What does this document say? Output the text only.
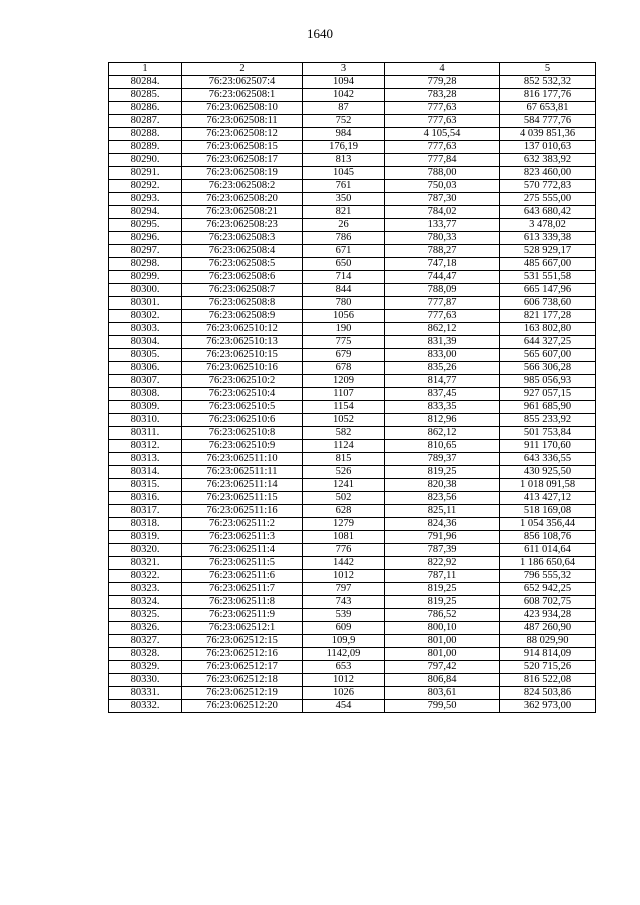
1640
1	2	3	4	5
80284.	76:23:062507:4	1094	779,28	852 532,32
80285.	76:23:062508:1	1042	783,28	816 177,76
80286.	76:23:062508:10	87	777,63	67 653,81
80287.	76:23:062508:11	752	777,63	584 777,76
80288.	76:23:062508:12	984	4 105,54	4 039 851,36
80289.	76:23:062508:15	176,19	777,63	137 010,63
80290.	76:23:062508:17	813	777,84	632 383,92
80291.	76:23:062508:19	1045	788,00	823 460,00
80292.	76:23:062508:2	761	750,03	570 772,83
80293.	76:23:062508:20	350	787,30	275 555,00
80294.	76:23:062508:21	821	784,02	643 680,42
80295.	76:23:062508:23	26	133,77	3 478,02
80296.	76:23:062508:3	786	780,33	613 339,38
80297.	76:23:062508:4	671	788,27	528 929,17
80298.	76:23:062508:5	650	747,18	485 667,00
80299.	76:23:062508:6	714	744,47	531 551,58
80300.	76:23:062508:7	844	788,09	665 147,96
80301.	76:23:062508:8	780	777,87	606 738,60
80302.	76:23:062508:9	1056	777,63	821 177,28
80303.	76:23:062510:12	190	862,12	163 802,80
80304.	76:23:062510:13	775	831,39	644 327,25
80305.	76:23:062510:15	679	833,00	565 607,00
80306.	76:23:062510:16	678	835,26	566 306,28
80307.	76:23:062510:2	1209	814,77	985 056,93
80308.	76:23:062510:4	1107	837,45	927 057,15
80309.	76:23:062510:5	1154	833,35	961 685,90
80310.	76:23:062510:6	1052	812,96	855 233,92
80311.	76:23:062510:8	582	862,12	501 753,84
80312.	76:23:062510:9	1124	810,65	911 170,60
80313.	76:23:062511:10	815	789,37	643 336,55
80314.	76:23:062511:11	526	819,25	430 925,50
80315.	76:23:062511:14	1241	820,38	1 018 091,58
80316.	76:23:062511:15	502	823,56	413 427,12
80317.	76:23:062511:16	628	825,11	518 169,08
80318.	76:23:062511:2	1279	824,36	1 054 356,44
80319.	76:23:062511:3	1081	791,96	856 108,76
80320.	76:23:062511:4	776	787,39	611 014,64
80321.	76:23:062511:5	1442	822,92	1 186 650,64
80322.	76:23:062511:6	1012	787,11	796 555,32
80323.	76:23:062511:7	797	819,25	652 942,25
80324.	76:23:062511:8	743	819,25	608 702,75
80325.	76:23:062511:9	539	786,52	423 934,28
80326.	76:23:062512:1	609	800,10	487 260,90
80327.	76:23:062512:15	109,9	801,00	88 029,90
80328.	76:23:062512:16	1142,09	801,00	914 814,09
80329.	76:23:062512:17	653	797,42	520 715,26
80330.	76:23:062512:18	1012	806,84	816 522,08
80331.	76:23:062512:19	1026	803,61	824 503,86
80332.	76:23:062512:20	454	799,50	362 973,00
